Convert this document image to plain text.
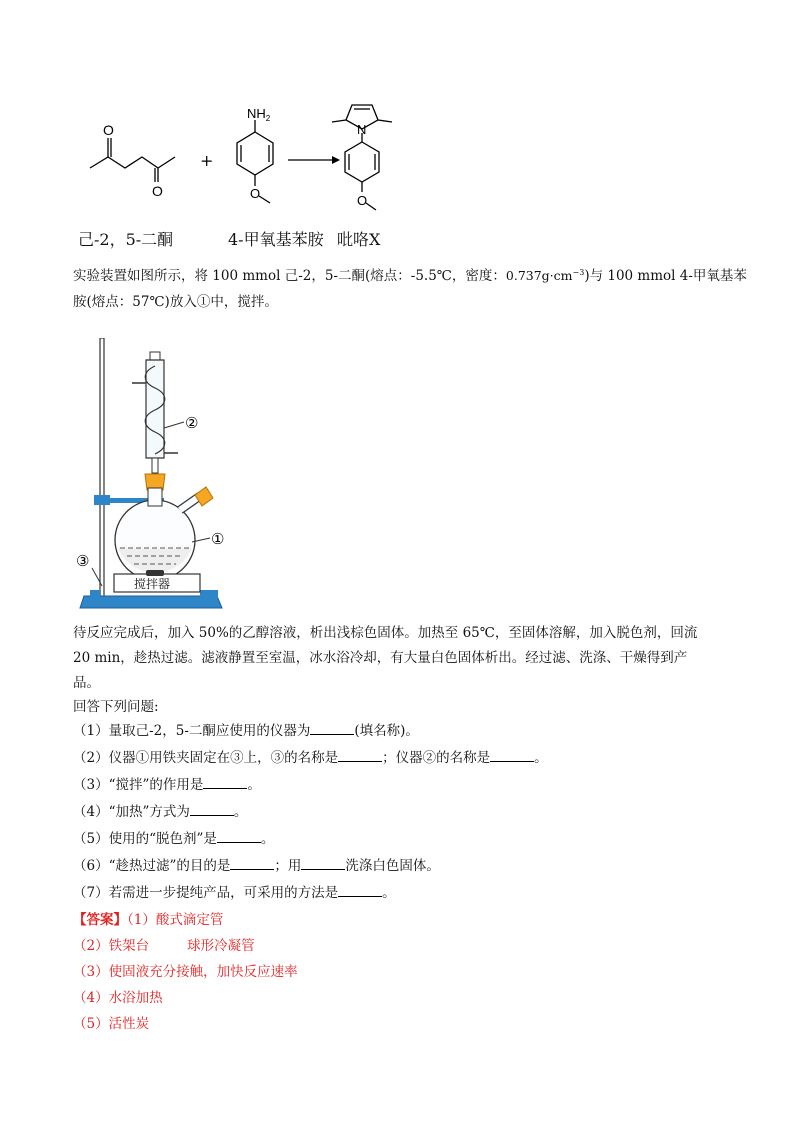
O
O
+
$NH_2$
O
N
O
己-2，5-二酮	4-甲氧基苯胺 吡咯X
实验装置如图所示，将 100 mmol 己-2，5-二酮(熔点：-5.5℃，密度：$0.737g\cdot cm^{-3}$)与 100 mmol 4-甲氧基苯
胺(熔点：57℃)放入①中，搅拌。
搅拌器
②
①
③
待反应完成后，加入 50%的乙醇溶液，析出浅棕色固体。加热至 65℃，至固体溶解，加入脱色剂，回流
20 min，趁热过滤。滤液静置至室温，冰水浴冷却，有大量白色固体析出。经过滤、洗涤、干燥得到产
品。
回答下列问题:
（1）量取己-2，5-二酮应使用的仪器为	(填名称)。
（2）仪器①用铁夹固定在③上，③的名称是	；仪器②的名称是	。
（3）“搅拌”的作用是	。
（4）“加热”方式为	。
（5）使用的“脱色剂”是	。
（6）“趁热过滤”的目的是	；用	洗涤白色固体。
（7）若需进一步提纯产品，可采用的方法是	。
【答案】（1）酸式滴定管
（2）铁架台	球形冷凝管
（3）使固液充分接触，加快反应速率
（4）水浴加热
（5）活性炭
